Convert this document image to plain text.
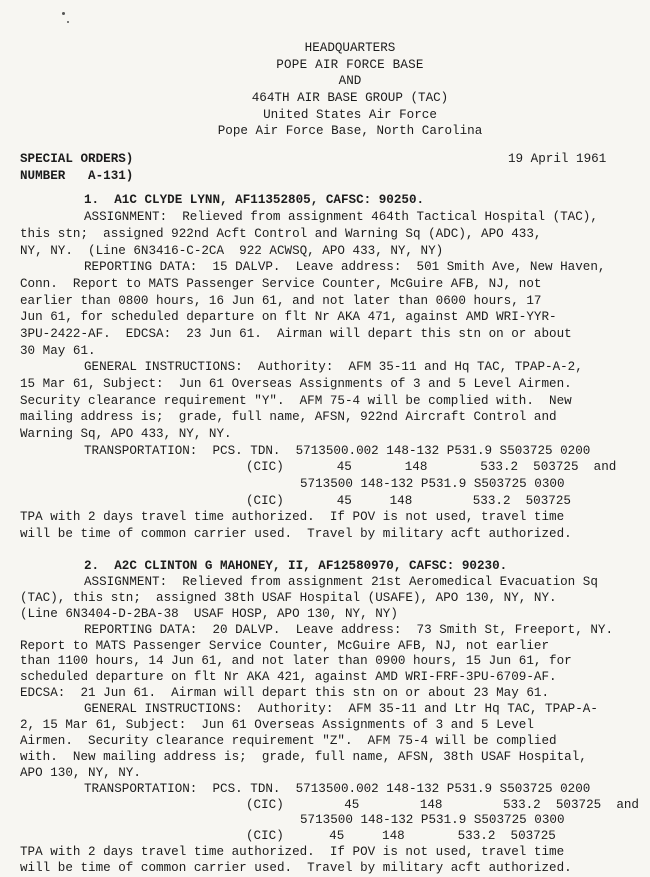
HEADQUARTERS
POPE AIR FORCE BASE
AND
464TH AIR BASE GROUP (TAC)
United States Air Force
Pope Air Force Base, North Carolina
SPECIAL ORDERS)
NUMBER   A-131)
19 April 1961
1.  A1C CLYDE LYNN, AF11352805, CAFSC: 90250.
ASSIGNMENT:  Relieved from assignment 464th Tactical Hospital (TAC),
this stn;  assigned 922nd Acft Control and Warning Sq (ADC), APO 433,
NY, NY.  (Line 6N3416-C-2CA  922 ACWSQ, APO 433, NY, NY)
REPORTING DATA:  15 DALVP.  Leave address:  501 Smith Ave, New Haven,
Conn.  Report to MATS Passenger Service Counter, McGuire AFB, NJ, not
earlier than 0800 hours, 16 Jun 61, and not later than 0600 hours, 17
Jun 61, for scheduled departure on flt Nr AKA 471, against AMD WRI-YYR-
3PU-2422-AF.  EDCSA:  23 Jun 61.  Airman will depart this stn on or about
30 May 61.
GENERAL INSTRUCTIONS:  Authority:  AFM 35-11 and Hq TAC, TPAP-A-2,
15 Mar 61, Subject:  Jun 61 Overseas Assignments of 3 and 5 Level Airmen.
Security clearance requirement "Y".  AFM 75-4 will be complied with.  New
mailing address is;  grade, full name, AFSN, 922nd Aircraft Control and
Warning Sq, APO 433, NY, NY.
TRANSPORTATION:  PCS. TDN.  5713500.002 148-132 P531.9 S503725 0200
(CIC)       45       148       533.2  503725  and
5713500 148-132 P531.9 S503725 0300
(CIC)       45     148        533.2  503725
TPA with 2 days travel time authorized.  If POV is not used, travel time
will be time of common carrier used.  Travel by military acft authorized.
2.  A2C CLINTON G MAHONEY, II, AF12580970, CAFSC: 90230.
ASSIGNMENT:  Relieved from assignment 21st Aeromedical Evacuation Sq
(TAC), this stn;  assigned 38th USAF Hospital (USAFE), APO 130, NY, NY.
(Line 6N3404-D-2BA-38  USAF HOSP, APO 130, NY, NY)
REPORTING DATA:  20 DALVP.  Leave address:  73 Smith St, Freeport, NY.
Report to MATS Passenger Service Counter, McGuire AFB, NJ, not earlier
than 1100 hours, 14 Jun 61, and not later than 0900 hours, 15 Jun 61, for
scheduled departure on flt Nr AKA 421, against AMD WRI-FRF-3PU-6709-AF.
EDCSA:  21 Jun 61.  Airman will depart this stn on or about 23 May 61.
GENERAL INSTRUCTIONS:  Authority:  AFM 35-11 and Ltr Hq TAC, TPAP-A-
2, 15 Mar 61, Subject:  Jun 61 Overseas Assignments of 3 and 5 Level
Airmen.  Security clearance requirement "Z".  AFM 75-4 will be complied
with.  New mailing address is;  grade, full name, AFSN, 38th USAF Hospital,
APO 130, NY, NY.
TRANSPORTATION:  PCS. TDN.  5713500.002 148-132 P531.9 S503725 0200
(CIC)        45        148        533.2  503725  and
5713500 148-132 P531.9 S503725 0300
(CIC)      45     148       533.2  503725
TPA with 2 days travel time authorized.  If POV is not used, travel time
will be time of common carrier used.  Travel by military acft authorized.
